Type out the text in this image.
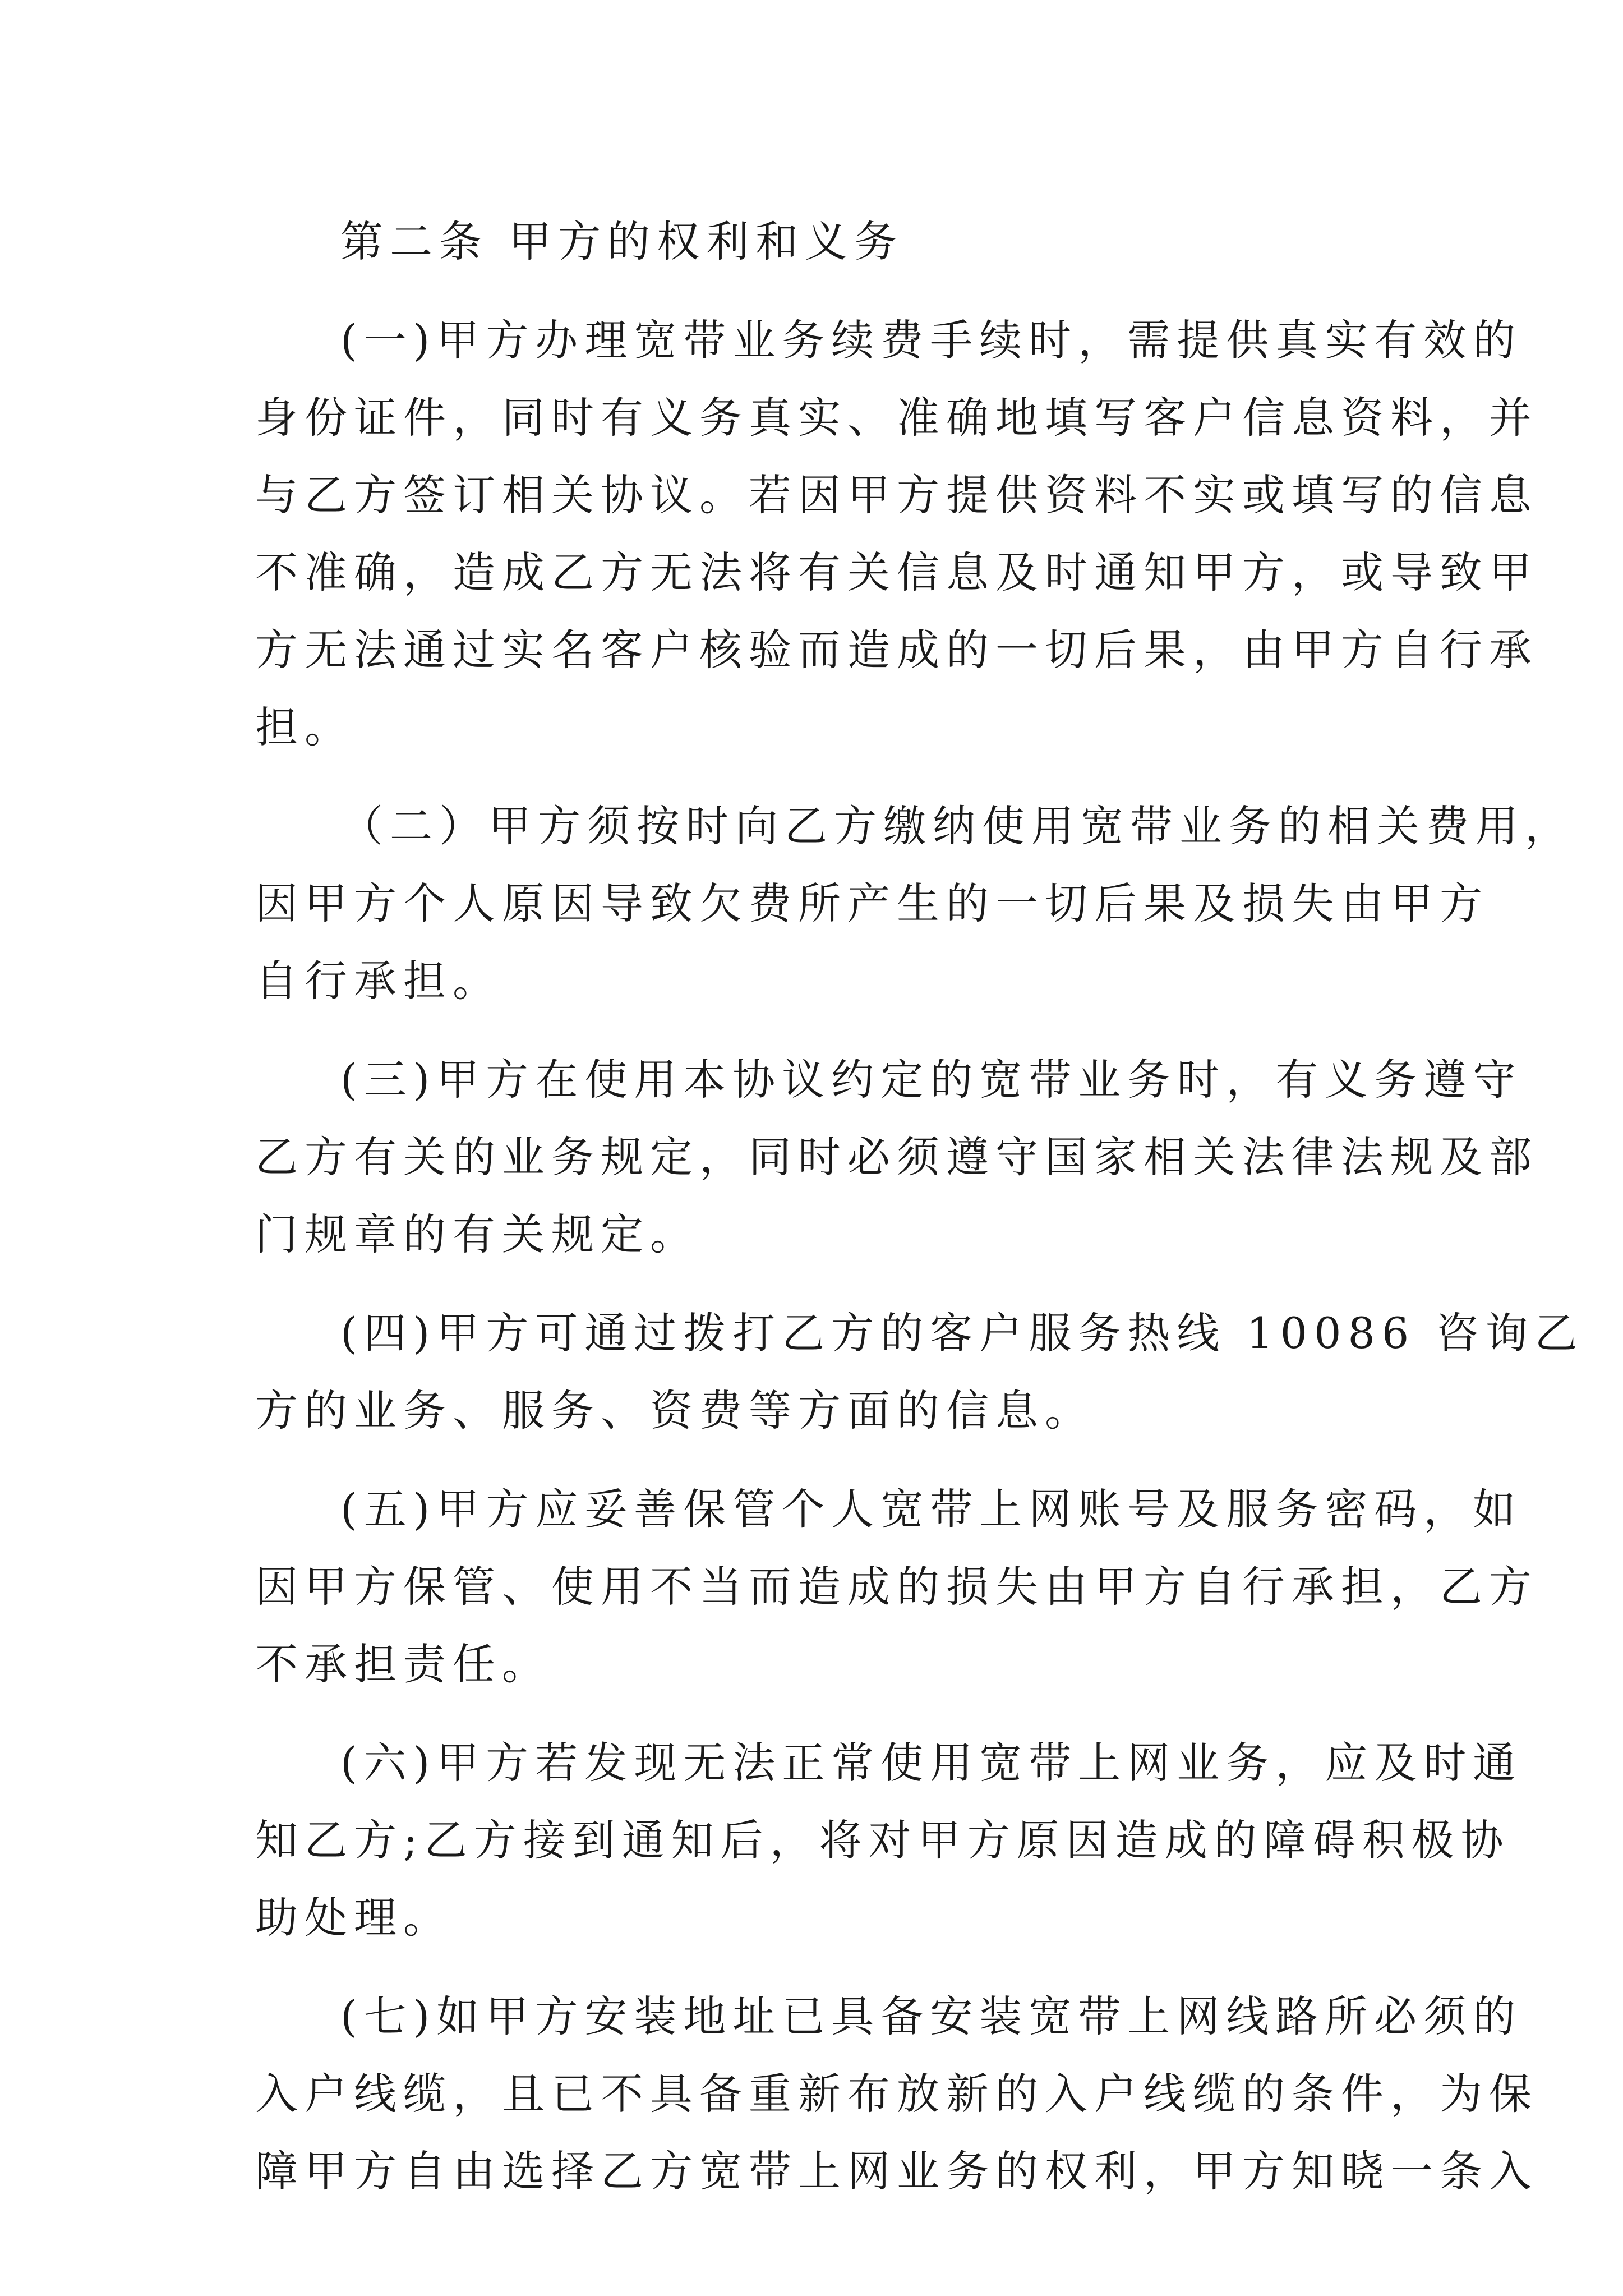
第二条 甲方的权利和义务
(一)甲方办理宽带业务续费手续时，需提供真实有效的
身份证件，同时有义务真实、准确地填写客户信息资料，并
与乙方签订相关协议。若因甲方提供资料不实或填写的信息
不准确，造成乙方无法将有关信息及时通知甲方，或导致甲
方无法通过实名客户核验而造成的一切后果，由甲方自行承
担。
（二）甲方须按时向乙方缴纳使用宽带业务的相关费用，
因甲方个人原因导致欠费所产生的一切后果及损失由甲方
自行承担。
(三)甲方在使用本协议约定的宽带业务时，有义务遵守
乙方有关的业务规定，同时必须遵守国家相关法律法规及部
门规章的有关规定。
(四)甲方可通过拨打乙方的客户服务热线 10086 咨询乙
方的业务、服务、资费等方面的信息。
(五)甲方应妥善保管个人宽带上网账号及服务密码，如
因甲方保管、使用不当而造成的损失由甲方自行承担，乙方
不承担责任。
(六)甲方若发现无法正常使用宽带上网业务，应及时通
知乙方;乙方接到通知后，将对甲方原因造成的障碍积极协
助处理。
(七)如甲方安装地址已具备安装宽带上网线路所必须的
入户线缆，且已不具备重新布放新的入户线缆的条件，为保
障甲方自由选择乙方宽带上网业务的权利，甲方知晓一条入
